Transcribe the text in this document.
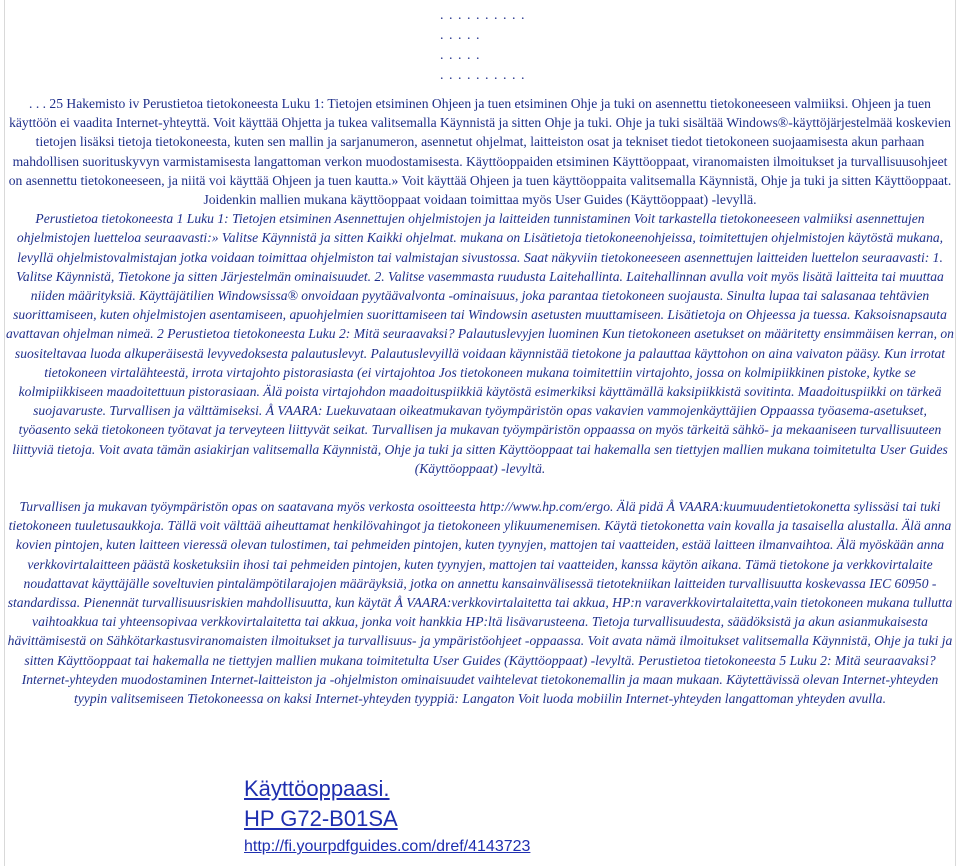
. . . . . . . . . .
. . . . .
. . . . .
. . . . . . . . . .

. . . 25 Hakemisto iv Perustietoa tietokoneesta Luku 1: Tietojen etsiminen Ohjeen ja tuen etsiminen Ohje ja tuki on asennettu tietokoneeseen valmiiksi. Ohjeen ja tuen käyttöön ei vaadita Internet-yhteyttä. Voit käyttää Ohjetta ja tukea valitsemalla Käynnistä ja sitten Ohje ja tuki. Ohje ja tuki sisältää Windows®-käyttöjärjestelmää koskevien tietojen lisäksi tietoja tietokoneesta, kuten sen mallin ja sarjanumeron, asennetut ohjelmat, laitteiston osat ja tekniset tiedot tietokoneen suojaamisesta akun parhaan mahdollisen suorituskyvyn varmistamisesta langattoman verkon muodostamisesta. Käyttöoppaiden etsiminen Käyttöoppaat, viranomaisten ilmoitukset ja turvallisuusohjeet on asennettu tietokoneeseen, ja niitä voi käyttää Ohjeen ja tuen kautta.» Voit käyttää Ohjeen ja tuen käyttöoppaita valitsemalla Käynnistä, Ohje ja tuki ja sitten Käyttöoppaat. Joidenkin mallien mukana käyttöoppaat voidaan toimittaa myös User Guides (Käyttöoppaat) -levyllä.

Perustietoa tietokoneesta 1 Luku 1: Tietojen etsiminen Asennettujen ohjelmistojen ja laitteiden tunnistaminen Voit tarkastella tietokoneeseen valmiiksi asennettujen ohjelmistojen luetteloa seuraavasti:» Valitse Käynnistä ja sitten Kaikki ohjelmat. mukana on Lisätietoja tietokoneenohjeissa, toimitettujen ohjelmistojen käytöstä mukana, levyllä ohjelmistovalmistajan jotka voidaan toimittaa ohjelmiston tai valmistajan sivustossa. Saat näkyviin tietokoneeseen asennettujen laitteiden luettelon seuraavasti: 1. Valitse Käynnistä, Tietokone ja sitten Järjestelmän ominaisuudet. 2. Valitse vasemmasta ruudusta Laitehallinta. Laitehallinnan avulla voit myös lisätä laitteita tai muuttaa niiden määrityksiä. Käyttäjätilien Windowsissa® onvoidaan pyytäävalvonta -ominaisuus, joka parantaa tietokoneen suojausta. Sinulta lupaa tai salasanaa tehtävien suorittamiseen, kuten ohjelmistojen asentamiseen, apuohjelmien suorittamiseen tai Windowsin asetusten muuttamiseen. Lisätietoja on Ohjeessa ja tuessa. Kaksoisnapsauta avattavan ohjelman nimeä. 2 Perustietoa tietokoneesta Luku 2: Mitä seuraavaksi? Palautuslevyjen luominen Kun tietokoneen asetukset on määritetty ensimmäisen kerran, on suositeltavaa luoda alkuperäisestä levyvedoksesta palautuslevyt. Palautuslevyillä voidaan käynnistää tietokone ja palauttaa käyttohon on aina vaivaton pääsy. Kun irrotat tietokoneen virtalähteestä, irrota virtajohto pistorasiasta (ei virtajohtoa Jos tietokoneen mukana toimitettiin virtajohto, jossa on kolmipiikkinen pistoke, kytke se kolmipiikkiseen maadoitettuun pistorasiaan. Älä poista virtajohdon maadoituspiikkiä käytöstä esimerkiksi käyttämällä kaksipiikkistä sovitinta. Maadoituspiikki on tärkeä suojavaruste. Turvallisen ja välttämiseksi. Å VAARA: Luekuvataan oikeatmukavan työympäristön opas vakavien vammojenkäyttäjien Oppaassa työasema-asetukset, työasento sekä tietokoneen työtavat ja terveyteen liittyvät seikat. Turvallisen ja mukavan työympäristön oppaassa on myös tärkeitä sähkö- ja mekaaniseen turvallisuuteen liittyviä tietoja. Voit avata tämän asiakirjan valitsemalla Käynnistä, Ohje ja tuki ja sitten Käyttöoppaat tai hakemalla sen tiettyjen mallien mukana toimitetulta User Guides (Käyttöoppaat) -levyltä.

Turvallisen ja mukavan työympäristön opas on saatavana myös verkosta osoitteesta http://www.hp.com/ergo. Älä pidä Å VAARA:kuumuudentietokonetta sylissäsi tai tuki tietokoneen tuuletusaukkoja. Tällä voit välttää aiheuttamat henkilövahingot ja tietokoneen ylikuumenemisen. Käytä tietokonetta vain kovalla ja tasaisella alustalla. Älä anna kovien pintojen, kuten laitteen vieressä olevan tulostimen, tai pehmeiden pintojen, kuten tyynyjen, mattojen tai vaatteiden, estää laitteen ilmanvaihtoa. Älä myöskään anna verkkovirtalaitteen päästä kosketuksiin ihosi tai pehmeiden pintojen, kuten tyynyjen, mattojen tai vaatteiden, kanssa käytön aikana. Tämä tietokone ja verkkovirtalaite noudattavat käyttäjälle soveltuvien pintalämpötilarajojen määräyksiä, jotka on annettu kansainvälisessä tietotekniikan laitteiden turvallisuutta koskevassa IEC 60950 -standardissa. Pienennät turvallisuusriskien mahdollisuutta, kun käytät Å VAARA:verkkovirtalaitetta tai akkua, HP:n varaverkkovirtalaitetta,vain tietokoneen mukana tullutta vaihtoakkua tai yhteensopivaa verkkovirtalaitetta tai akkua, jonka voit hankkia HP:ltä lisävarusteena. Tietoja turvallisuudesta, säädöksistä ja akun asianmukaisesta hävittämisestä on Sähkötarkastusviranomaisten ilmoitukset ja turvallisuus- ja ympäristöohjeet -oppaassa. Voit avata nämä ilmoitukset valitsemalla Käynnistä, Ohje ja tuki ja sitten Käyttöoppaat tai hakemalla ne tiettyjen mallien mukana toimitetulta User Guides (Käyttöoppaat) -levyltä. Perustietoa tietokoneesta 5 Luku 2: Mitä seuraavaksi? Internet-yhteyden muodostaminen Internet-laitteiston ja -ohjelmiston ominaisuudet vaihtelevat tietokonemallin ja maan mukaan. Käytettävissä olevan Internet-yhteyden tyypin valitsemiseen Tietokoneessa on kaksi Internet-yhteyden tyyppiä: Langaton Voit luoda mobiilin Internet-yhteyden langattoman yhteyden avulla.

Käyttöoppaasi.
HP G72-B01SA
http://fi.yourpdfguides.com/dref/4143723
